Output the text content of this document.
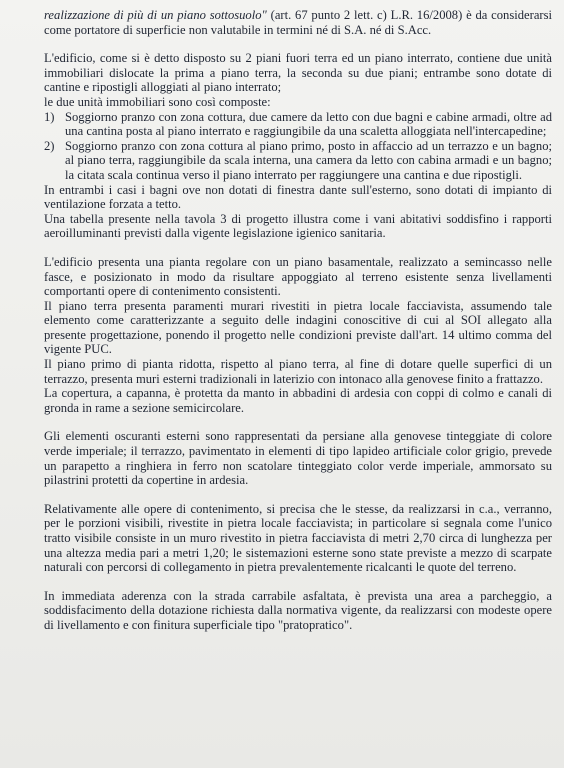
realizzazione di più di un piano sottosuolo" (art. 67 punto 2 lett. c) L.R. 16/2008) è da considerarsi come portatore di superficie non valutabile in termini né di S.A. né di S.Acc.

L'edificio, come si è detto disposto su 2 piani fuori terra ed un piano interrato, contiene due unità immobiliari dislocate la prima a piano terra, la seconda su due piani; entrambe sono dotate di cantine e ripostigli alloggiati al piano interrato;

le due unità immobiliari sono così composte:

1) Soggiorno pranzo con zona cottura, due camere da letto con due bagni e cabine armadi, oltre ad una cantina posta al piano interrato e raggiungibile da una scaletta alloggiata nell'intercapedine;
2) Soggiorno pranzo con zona cottura al piano primo, posto in affaccio ad un terrazzo e un bagno; al piano terra, raggiungibile da scala interna, una camera da letto con cabina armadi e un bagno; la citata scala continua verso il piano interrato per raggiungere una cantina e due ripostigli.

In entrambi i casi i bagni ove non dotati di finestra dante sull'esterno, sono dotati di impianto di ventilazione forzata a tetto.

Una tabella presente nella tavola 3 di progetto illustra come i vani abitativi soddisfino i rapporti aeroilluminanti previsti dalla vigente legislazione igienico sanitaria.

L'edificio presenta una pianta regolare con un piano basamentale, realizzato a semincasso nelle fasce, e posizionato in modo da risultare appoggiato al terreno esistente senza livellamenti comportanti opere di contenimento consistenti.

Il piano terra presenta paramenti murari rivestiti in pietra locale facciavista, assumendo tale elemento come caratterizzante a seguito delle indagini conoscitive di cui al SOI allegato alla presente progettazione, ponendo il progetto nelle condizioni previste dall'art. 14 ultimo comma del vigente PUC.

Il piano primo di pianta ridotta, rispetto al piano terra, al fine di dotare quelle superfici di un terrazzo, presenta muri esterni tradizionali in laterizio con intonaco alla genovese finito a frattazzo.

La copertura, a capanna, è protetta da manto in abbadini di ardesia con coppi di colmo e canali di gronda in rame a sezione semicircolare.

Gli elementi oscuranti esterni sono rappresentati da persiane alla genovese tinteggiate di colore verde imperiale; il terrazzo, pavimentato in elementi di tipo lapideo artificiale color grigio, prevede un parapetto a ringhiera in ferro non scatolare tinteggiato color verde imperiale, ammorsato su pilastrini protetti da copertine in ardesia.

Relativamente alle opere di contenimento, si precisa che le stesse, da realizzarsi in c.a., verranno, per le porzioni visibili, rivestite in pietra locale facciavista; in particolare si segnala come l'unico tratto visibile consiste in un muro rivestito in pietra facciavista di metri 2,70 circa di lunghezza per una altezza media pari a metri 1,20; le sistemazioni esterne sono state previste a mezzo di scarpate naturali con percorsi di collegamento in pietra prevalentemente ricalcanti le quote del terreno.

In immediata aderenza con la strada carrabile asfaltata, è prevista una area a parcheggio, a soddisfacimento della dotazione richiesta dalla normativa vigente, da realizzarsi con modeste opere di livellamento e con finitura superficiale tipo "pratopratico".
